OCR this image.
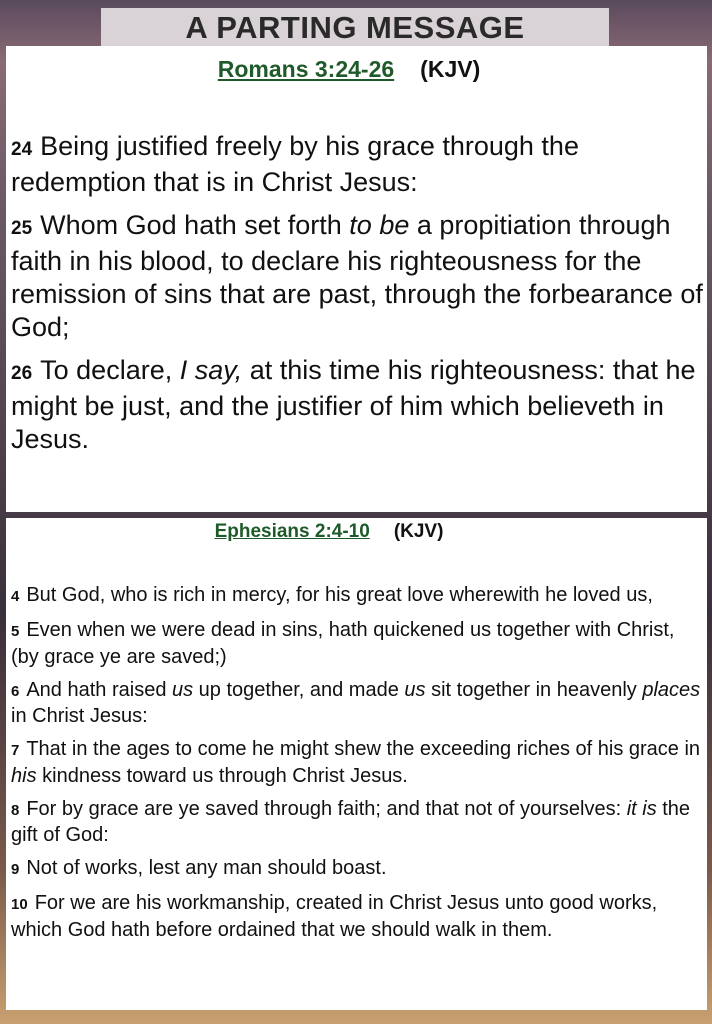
A PARTING MESSAGE
Romans 3:24-26 (KJV)

24 Being justified freely by his grace through the redemption that is in Christ Jesus:

25 Whom God hath set forth to be a propitiation through faith in his blood, to declare his righteousness for the remission of sins that are past, through the forbearance of God;

26 To declare, I say, at this time his righteousness: that he might be just, and the justifier of him which believeth in Jesus.

Ephesians 2:4-10 (KJV)

4 But God, who is rich in mercy, for his great love wherewith he loved us,

5 Even when we were dead in sins, hath quickened us together with Christ, (by grace ye are saved;)

6 And hath raised us up together, and made us sit together in heavenly places in Christ Jesus:

7 That in the ages to come he might shew the exceeding riches of his grace in his kindness toward us through Christ Jesus.

8 For by grace are ye saved through faith; and that not of yourselves: it is the gift of God:

9 Not of works, lest any man should boast.

10 For we are his workmanship, created in Christ Jesus unto good works, which God hath before ordained that we should walk in them.
